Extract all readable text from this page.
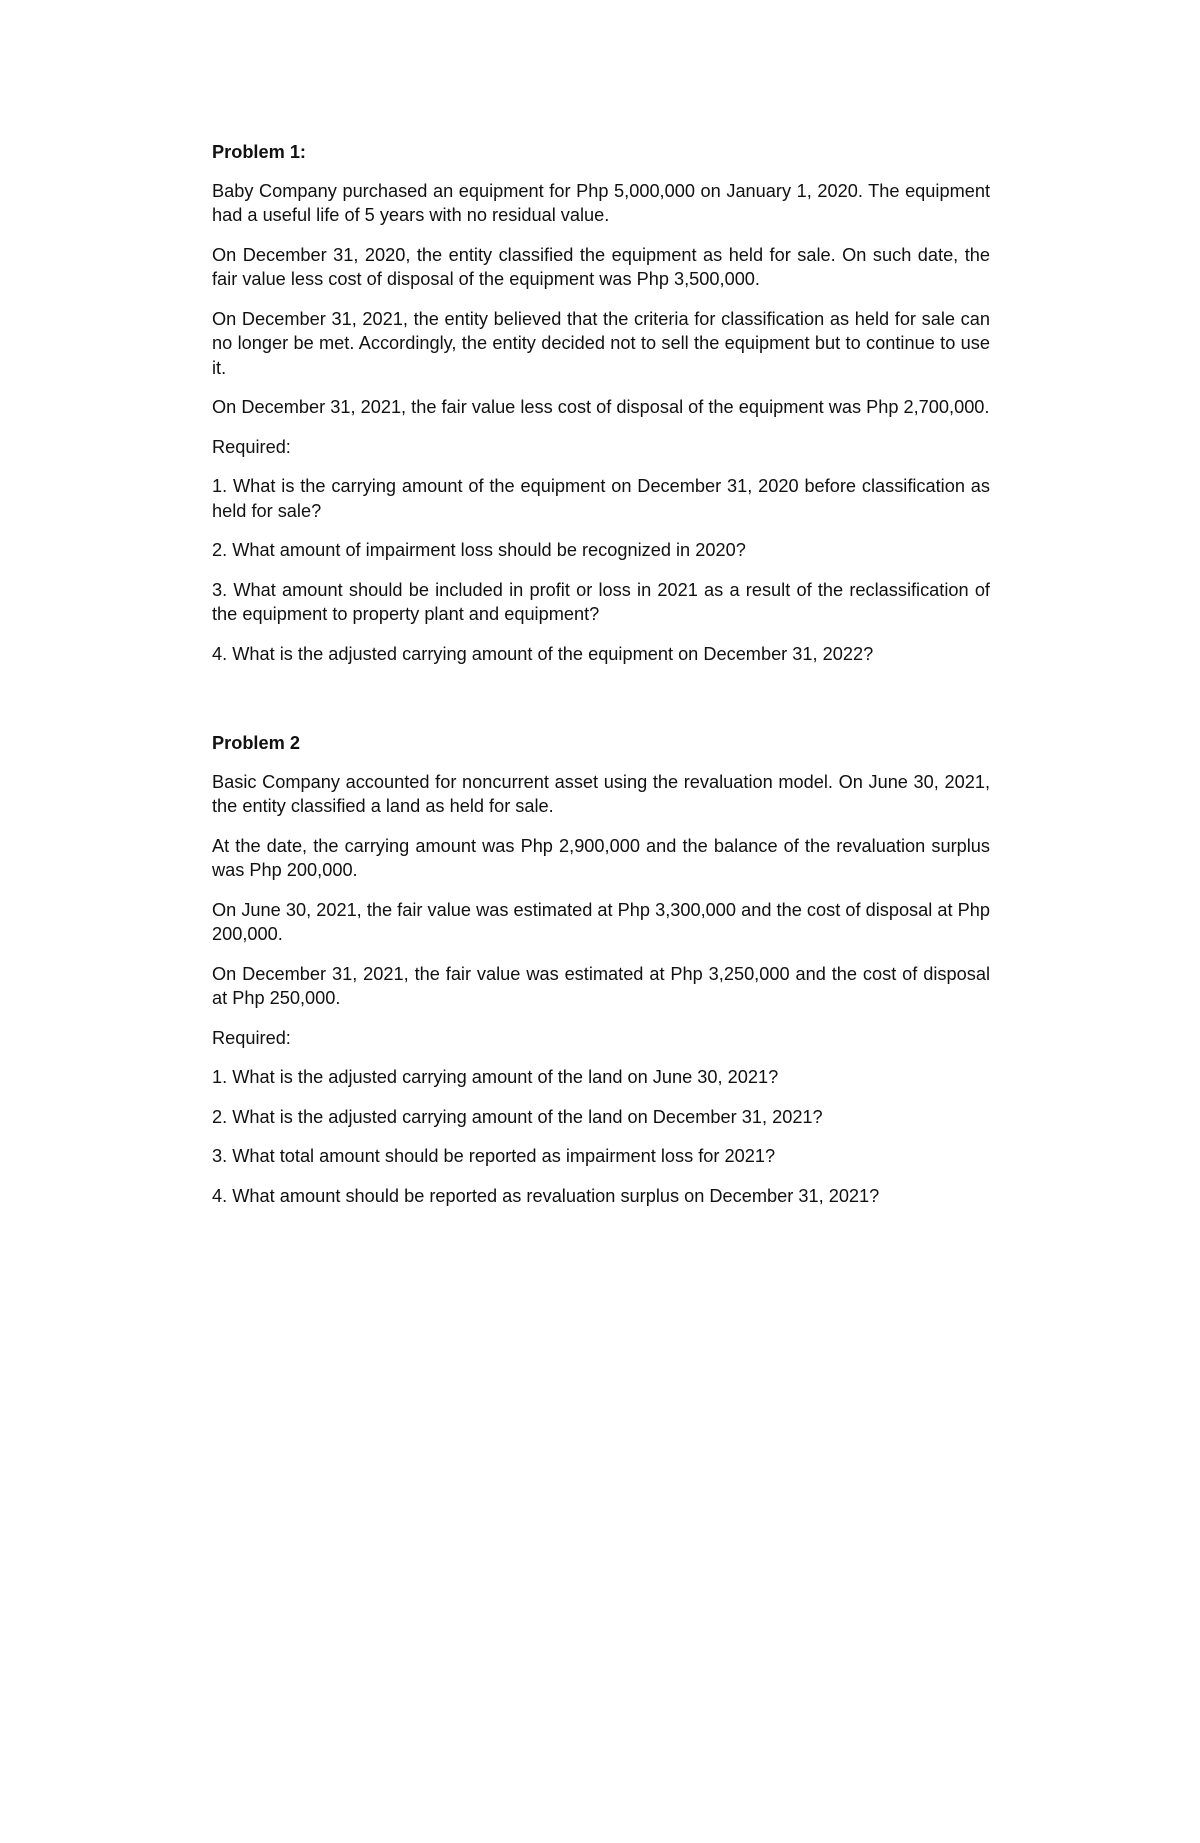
Problem 1:

Baby Company purchased an equipment for Php 5,000,000 on January 1, 2020. The equipment had a useful life of 5 years with no residual value.

On December 31, 2020, the entity classified the equipment as held for sale. On such date, the fair value less cost of disposal of the equipment was Php 3,500,000.

On December 31, 2021, the entity believed that the criteria for classification as held for sale can no longer be met. Accordingly, the entity decided not to sell the equipment but to continue to use it.

On December 31, 2021, the fair value less cost of disposal of the equipment was Php 2,700,000.

Required:

1. What is the carrying amount of the equipment on December 31, 2020 before classification as held for sale?

2. What amount of impairment loss should be recognized in 2020?

3. What amount should be included in profit or loss in 2021 as a result of the reclassification of the equipment to property plant and equipment?

4. What is the adjusted carrying amount of the equipment on December 31, 2022?

Problem 2

Basic Company accounted for noncurrent asset using the revaluation model. On June 30, 2021, the entity classified a land as held for sale.

At the date, the carrying amount was Php 2,900,000 and the balance of the revaluation surplus was Php 200,000.

On June 30, 2021, the fair value was estimated at Php 3,300,000 and the cost of disposal at Php 200,000.

On December 31, 2021, the fair value was estimated at Php 3,250,000 and the cost of disposal at Php 250,000.

Required:

1. What is the adjusted carrying amount of the land on June 30, 2021?

2. What is the adjusted carrying amount of the land on December 31, 2021?

3. What total amount should be reported as impairment loss for 2021?

4. What amount should be reported as revaluation surplus on December 31, 2021?
